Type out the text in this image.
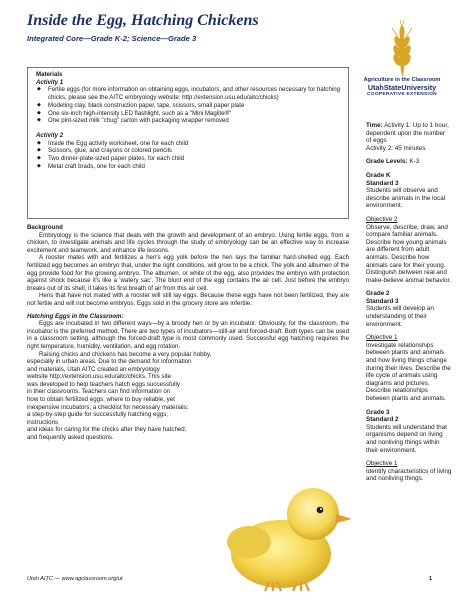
Inside the Egg, Hatching Chickens
Integrated Core—Grade K-2; Science—Grade 3
Agriculture in the Classroom
UtahStateUniversity
COOPERATIVE EXTENSION
Materials
Activity 1
◆ Fertile eggs (for more information on obtaining eggs, incubators, and other resources necessary for hatching chicks, please see the AITC embryology website: http://extension.usu.edu/aitc/chicks)
◆ Modeling clay, black construction paper, tape, scissors, small paper plate
◆ One six-inch high-intensity LED flashlight, such as a "Mini Maglite®"
◆ One pint-sized milk "chug" carton with packaging wrapper removed
Activity 2
◆ Inside the Egg activity worksheet, one for each child
◆ Scissors, glue, and crayons or colored pencils
◆ Two dinner-plate-sized paper plates, for each child
◆ Metal craft brads, one for each child

Background

Embryology is the science that deals with the growth and development of an embryo. Using fertile eggs, from a chicken, to investigate animals and life cycles through the study of embryology can be an effective way to increase excitement and teamwork, and enhance life lessons.

A rooster mates with and fertilizes a hen's egg yolk before the hen lays the familiar hard-shelled egg. Each fertilized egg becomes an embryo that, under the right conditions, will grow to be a chick. The yolk and albumen of the egg provide food for the growing embryo. The albumen, or white of the egg, also provides the embryo with protection against shock because it's like a 'watery sac'. The blunt end of the egg contains the air cell. Just before the embryo breaks out of its shell, it takes its first breath of air from this air cell.

Hens that have not mated with a rooster will still lay eggs. Because these eggs have not been fertilized, they are not fertile and will not become embryos. Eggs sold in the grocery store are infertile.

Hatching Eggs in the Classroom:

Eggs are incubated in two different ways—by a broody hen or by an incubator. Obviously, for the classroom, the incubator is the preferred method. There are two types of incubators—still-air and forced-draft. Both types can be used in a classroom setting, although the forced-draft type is most commonly used. Successful egg hatching requires the right temperature, humidity, ventilation, and egg rotation.

Raising chicks and chickens has become a very popular hobby,

especially in urban areas. Due to the demand for information

and materials, Utah AITC created an embryology

website http://extension.usu.edu/aitc/chicks. This site

was developed to help teachers hatch eggs successfully

in their classrooms. Teachers can find information on

how to obtain fertilized eggs; where to buy reliable, yet

inexpensive incubators; a checklist for necessary materials;

a step-by-step guide for successfully hatching eggs; instructions

and ideas for caring for the chicks after they have hatched;

and frequently asked questions.

Time: Activity 1: Up to 1 hour, dependent upon the number of eggs

Activity 2: 45 minutes

Grade Levels: K-3

Grade K

Standard 3

Students will observe and describe animals in the local environment.

Objective 2

Observe, describe, draw, and compare familiar animals. Describe how young animals are different from adult animals. Describe how animals care for their young. Distinguish between real and make-believe animal behavior.

Grade 2

Standard 3

Students will develop an understanding of their environment.

Objective 1

Investigate relationships between plants and animals and how living things change during their lives. Describe the life cycle of animals using diagrams and pictures. Describe relationships between plants and animals.

Grade 3

Standard 2

Students will understand that organisms depend on living and nonliving things within their environment.

Objective 1

Identify characteristics of living and nonliving things.

Utah AITC — www.agclassroom.org/ut	1
